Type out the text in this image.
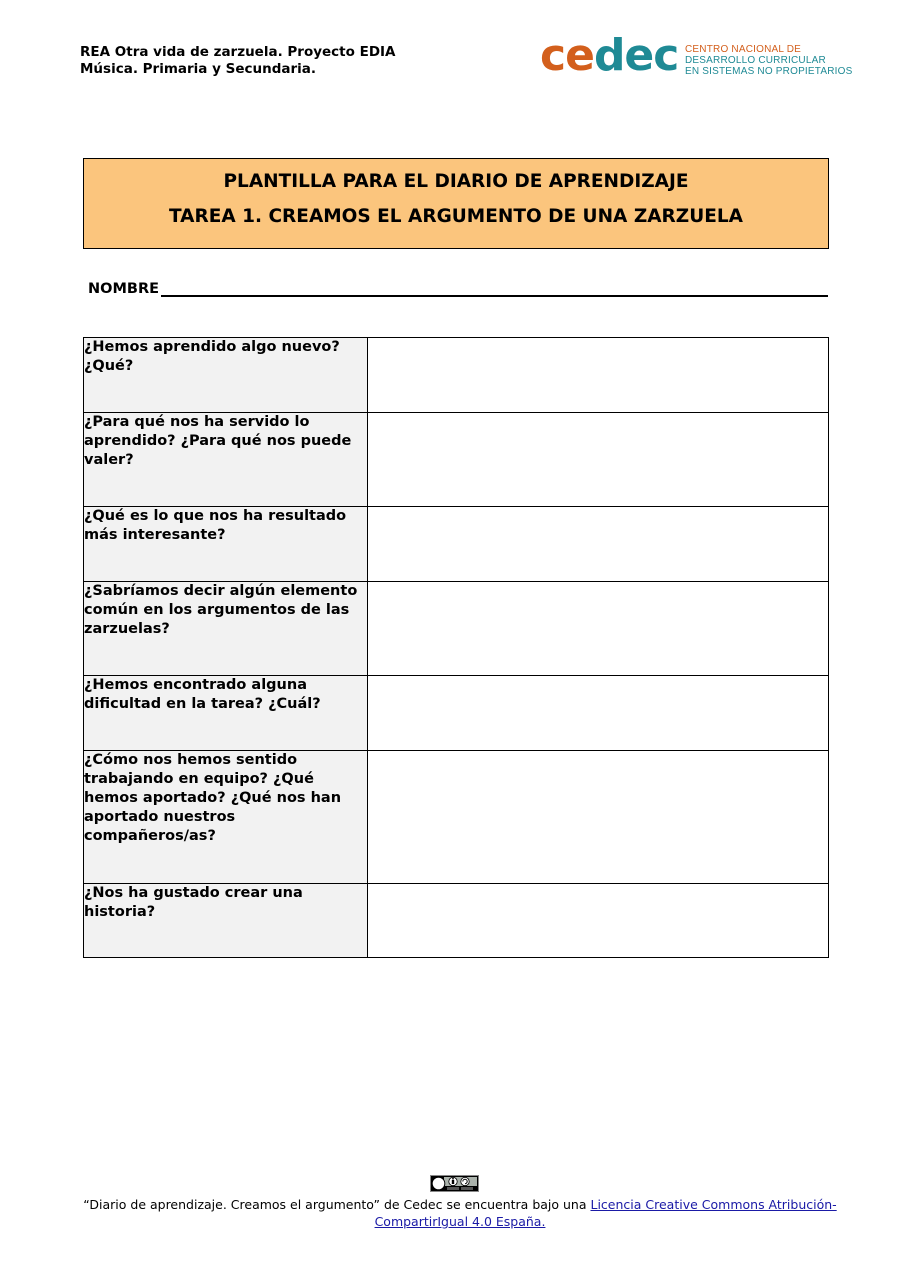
REA Otra vida de zarzuela. Proyecto EDIA
Música. Primaria y Secundaria.	cedec CENTRO NACIONAL DE
DESARROLLO CURRICULAR
EN SISTEMAS NO PROPIETARIOS
PLANTILLA PARA EL DIARIO DE APRENDIZAJE
TAREA 1. CREAMOS EL ARGUMENTO DE UNA ZARZUELA
NOMBRE
¿Hemos aprendido algo nuevo? ¿Qué?	
¿Para qué nos ha servido lo aprendido? ¿Para qué nos puede valer?	
¿Qué es lo que nos ha resultado más interesante?	
¿Sabríamos decir algún elemento común en los argumentos de las zarzuelas?	
¿Hemos encontrado alguna dificultad en la tarea? ¿Cuál?	
¿Cómo nos hemos sentido trabajando en equipo? ¿Qué hemos aportado? ¿Qué nos han aportado nuestros compañeros/as?	
¿Nos ha gustado crear una historia?	
“Diario de aprendizaje. Creamos el argumento” de Cedec se encuentra bajo una Licencia Creative Commons Atribución-CompartirIgual 4.0 España.
